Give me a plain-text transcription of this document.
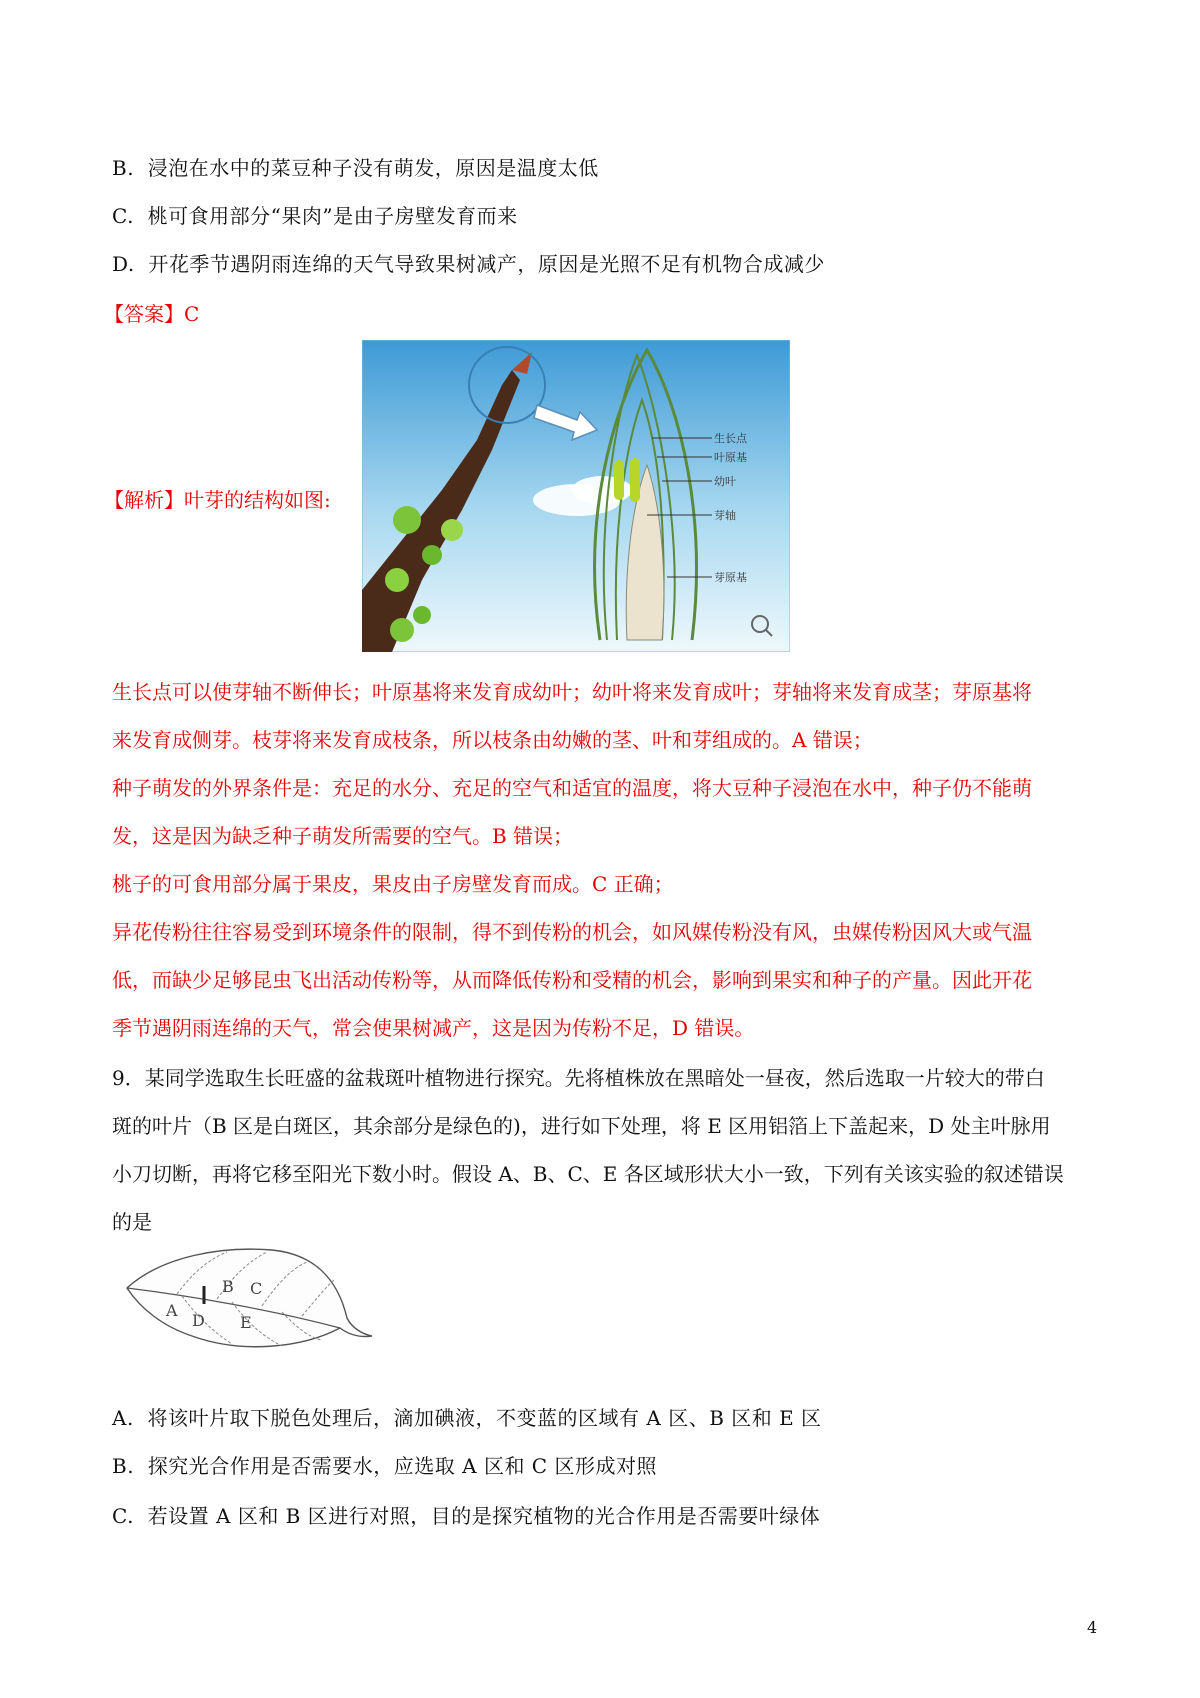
B. 浸泡在水中的菜豆种子没有萌发，原因是温度太低
C. 桃可食用部分“果肉”是由子房壁发育而来
D. 开花季节遇阴雨连绵的天气导致果树减产，原因是光照不足有机物合成减少
【答案】C
【解析】叶芽的结构如图:
生长点
叶原基
幼叶
芽轴
芽原基
生长点可以使芽轴不断伸长；叶原基将来发育成幼叶；幼叶将来发育成叶；芽轴将来发育成茎；芽原基将
来发育成侧芽。枝芽将来发育成枝条，所以枝条由幼嫩的茎、叶和芽组成的。A 错误；
种子萌发的外界条件是：充足的水分、充足的空气和适宜的温度，将大豆种子浸泡在水中，种子仍不能萌
发，这是因为缺乏种子萌发所需要的空气。B 错误；
桃子的可食用部分属于果皮，果皮由子房壁发育而成。C 正确；
异花传粉往往容易受到环境条件的限制，得不到传粉的机会，如风媒传粉没有风，虫媒传粉因风大或气温
低，而缺少足够昆虫飞出活动传粉等，从而降低传粉和受精的机会，影响到果实和种子的产量。因此开花
季节遇阴雨连绵的天气，常会使果树减产，这是因为传粉不足，D 错误。
9．某同学选取生长旺盛的盆栽斑叶植物进行探究。先将植株放在黑暗处一昼夜，然后选取一片较大的带白
斑的叶片（B 区是白斑区，其余部分是绿色的)，进行如下处理，将 E 区用铝箔上下盖起来，D 处主叶脉用
小刀切断，再将它移至阳光下数小时。假设 A、B、C、E 各区域形状大小一致，下列有关该实验的叙述错误
的是
A
D
B C
E
A. 将该叶片取下脱色处理后，滴加碘液，不变蓝的区域有 A 区、B 区和 E 区
B. 探究光合作用是否需要水，应选取 A 区和 C 区形成对照
C. 若设置 A 区和 B 区进行对照，目的是探究植物的光合作用是否需要叶绿体
4
